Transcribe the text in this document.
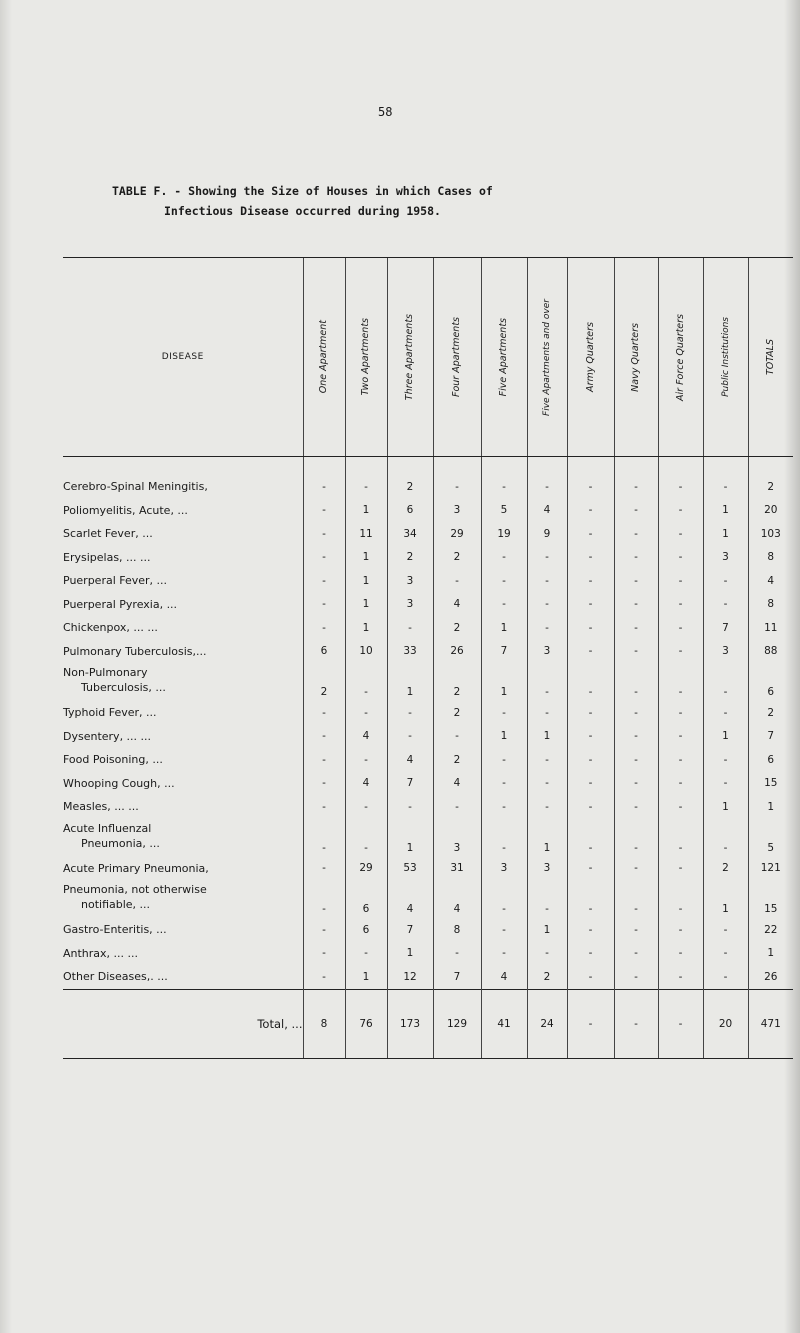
58
TABLE F. - Showing the Size of Houses in which Cases of
Infectious Disease occurred during 1958.
DISEASE	One Apartment	Two Apartments	Three Apartments	Four Apartments	Five Apartments	Five Apartments and over	Army Quarters	Navy Quarters	Air Force Quarters	Public Institutions	TOTALS

Cerebro-Spinal Meningitis,	-	-	2	-	-	-	-	-	-	-	2

Poliomyelitis, Acute, ...	-	1	6	3	5	4	-	-	-	1	20

Scarlet Fever, ...	-	11	34	29	19	9	-	-	-	1	103

Erysipelas, ... ...	-	1	2	2	-	-	-	-	-	3	8

Puerperal Fever, ...	-	1	3	-	-	-	-	-	-	-	4

Puerperal Pyrexia, ...	-	1	3	4	-	-	-	-	-	-	8

Chickenpox, ... ...	-	1	-	2	1	-	-	-	-	7	11

Pulmonary Tuberculosis,...	6	10	33	26	7	3	-	-	-	3	88

Non-Pulmonary
Tuberculosis, ...	2	-	1	2	1	-	-	-	-	-	6

Typhoid Fever, ...	-	-	-	2	-	-	-	-	-	-	2

Dysentery, ... ...	-	4	-	-	1	1	-	-	-	1	7

Food Poisoning, ...	-	-	4	2	-	-	-	-	-	-	6

Whooping Cough, ...	-	4	7	4	-	-	-	-	-	-	15

Measles, ... ...	-	-	-	-	-	-	-	-	-	1	1

Acute Influenzal
Pneumonia, ...	-	-	1	3	-	1	-	-	-	-	5

Acute Primary Pneumonia,	-	29	53	31	3	3	-	-	-	2	121

Pneumonia, not otherwise
notifiable, ...	-	6	4	4	-	-	-	-	-	1	15

Gastro-Enteritis, ...	-	6	7	8	-	1	-	-	-	-	22

Anthrax, ... ...	-	-	1	-	-	-	-	-	-	-	1

Other Diseases,. ...	-	1	12	7	4	2	-	-	-	-	26
Total, ...	8	76	173	129	41	24	-	-	-	20	471
